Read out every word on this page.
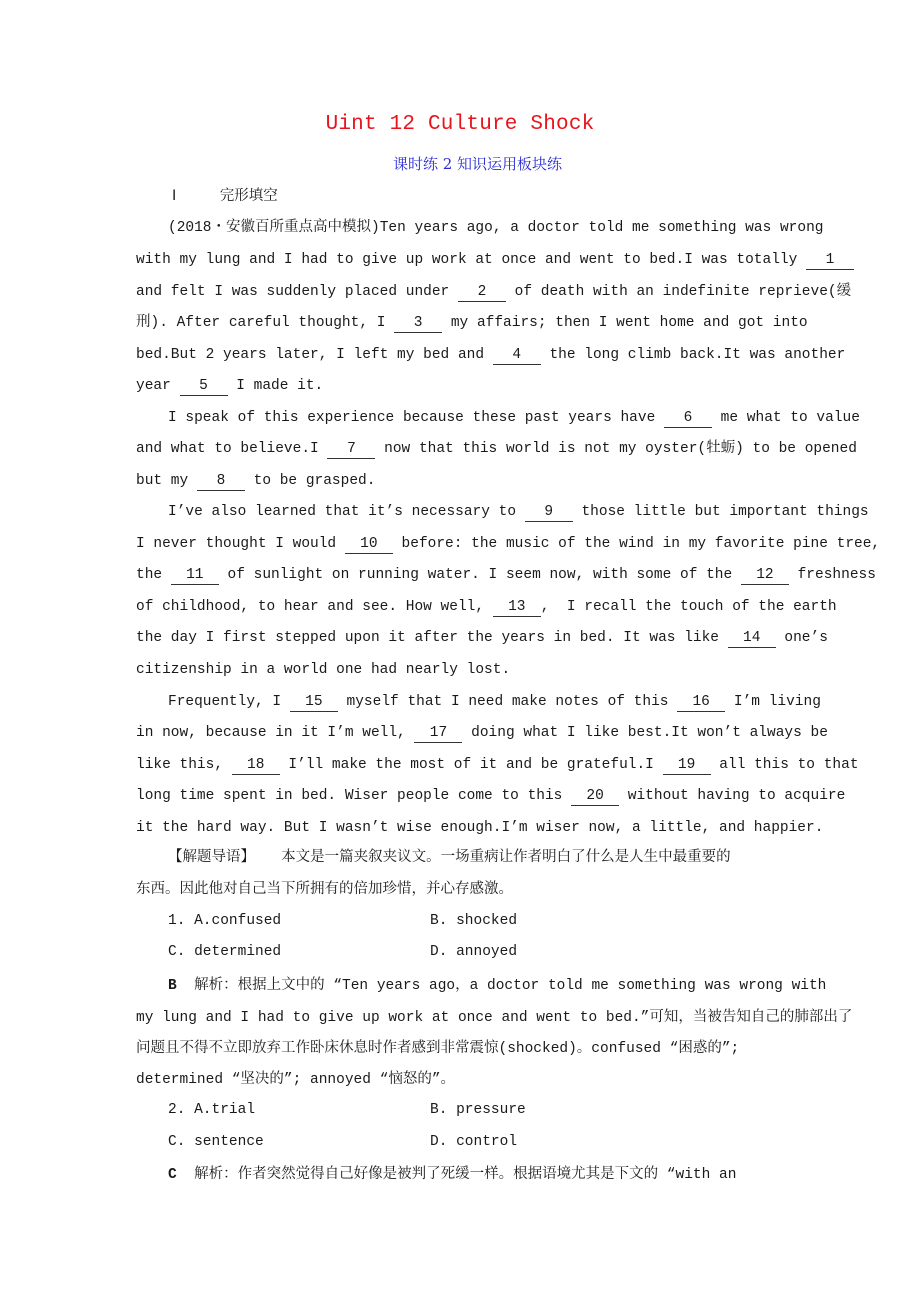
Uint 12 Culture Shock
课时练 2 知识运用板块练
Ⅰ     完形填空
(2018・安徽百所重点高中模拟)Ten years ago, a doctor told me something was wrong
with my lung and I had to give up work at once and went to bed.I was totally 1
and felt I was suddenly placed under 2 of death with an indefinite reprieve(缓
刑). After careful thought, I 3 my affairs; then I went home and got into
bed.But 2 years later, I left my bed and 4 the long climb back.It was another
year 5 I made it.
I speak of this experience because these past years have 6 me what to value
and what to believe.I 7 now that this world is not my oyster(牡蛎) to be opened
but my 8 to be grasped.
I’ve also learned that it’s necessary to 9 those little but important things
I never thought I would 10 before: the music of the wind in my favorite pine tree,
the 11 of sunlight on running water. I seem now, with some of the 12 freshness
of childhood, to hear and see. How well, 13 ,  I recall the touch of the earth
the day I first stepped upon it after the years in bed. It was like 14 one’s
citizenship in a world one had nearly lost.
Frequently, I 15 myself that I need make notes of this 16 I’m living
in now, because in it I’m well, 17 doing what I like best.It won’t always be
like this, 18 I’ll make the most of it and be grateful.I 19 all this to that
long time spent in bed. Wiser people come to this 20 without having to acquire
it the hard way. But I wasn’t wise enough.I’m wiser now, a little, and happier.
【解题导语】 本文是一篇夹叙夹议文。一场重病让作者明白了什么是人生中最重要的
东西。因此他对自己当下所拥有的倍加珍惜，并心存感激。
1. A.confused	B. shocked
C. determined	D. annoyed
B 解析：根据上文中的 “Ten years ago，a doctor told me something was wrong with
my lung and I had to give up work at once and went to bed.”可知，当被告知自己的肺部出了
问题且不得不立即放弃工作卧床休息时作者感到非常震惊(shocked)。confused “困惑的”;
determined “坚决的”; annoyed “恼怒的”。
2. A.trial	B. pressure
C. sentence	D. control
C 解析：作者突然觉得自己好像是被判了死缓一样。根据语境尤其是下文的 “with an
